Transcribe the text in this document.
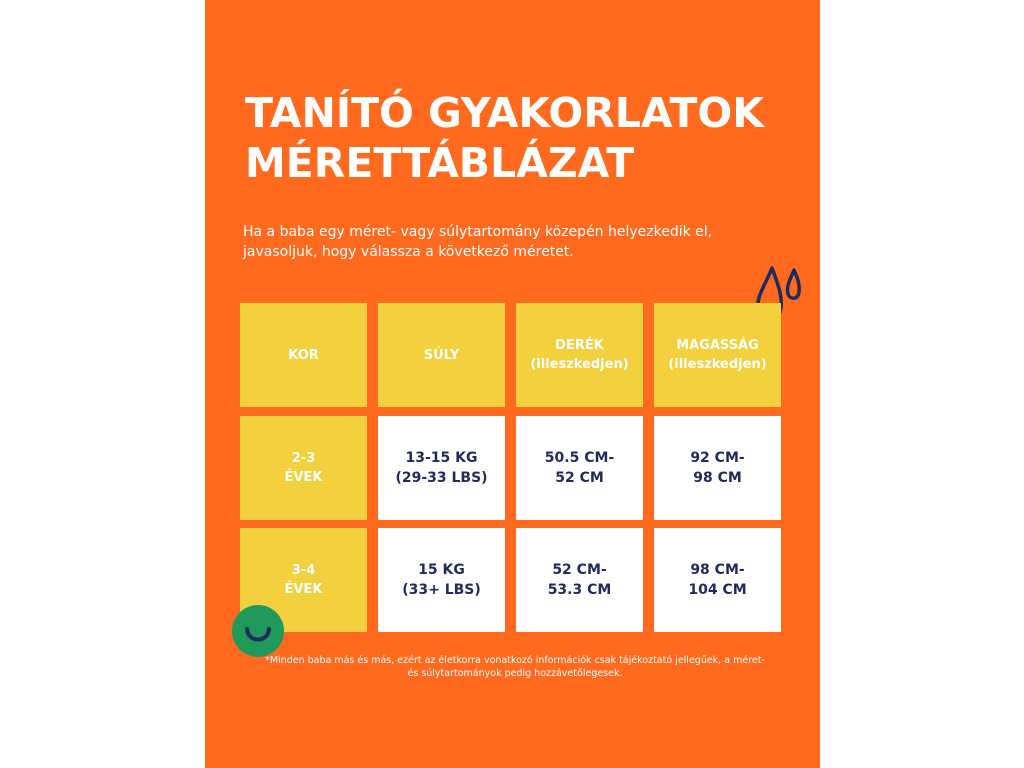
TANÍTÓ GYAKORLATOK
MÉRETTÁBLÁZAT

Ha a baba egy méret- vagy súlytartomány közepén helyezkedik el, javasoljuk, hogy válassza a következő méretet.

KOR	SÚLY
DERÉK
(illeszkedjen)
MAGASSÁG
(illeszkedjen)
2-3
ÉVEK
13-15 KG
(29-33 LBS)
50.5 CM-
52 CM
92 CM-
98 CM
3-4
ÉVEK
15 KG
(33+ LBS)
52 CM-
53.3 CM
98 CM-
104 CM

*Minden baba más és más, ezért az életkorra vonatkozó információk csak tájékoztató jellegűek, a méret- és súlytartományok pedig hozzávetőlegesek.
